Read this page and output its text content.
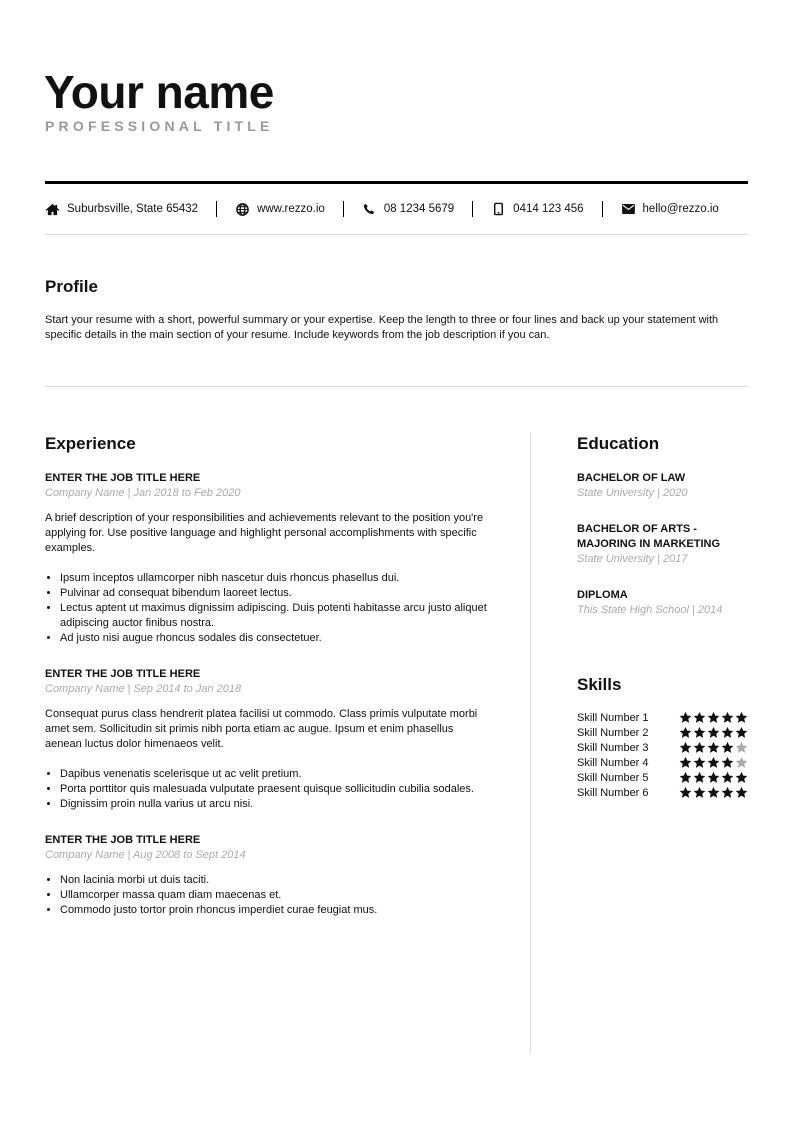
Your name
PROFESSIONAL TITLE
Suburbsville, State 65432	www.rezzo.io	08 1234 5679	0414 123 456	hello@rezzo.io
Profile
Start your resume with a short, powerful summary or your expertise. Keep the length to three or four lines and back up your statement with specific details in the main section of your resume. Include keywords from the job description if you can.
Experience
ENTER THE JOB TITLE HERE
Company Name | Jan 2018 to Feb 2020
A brief description of your responsibilities and achievements relevant to the position you're applying for. Use positive language and highlight personal accomplishments with specific examples.
• Ipsum inceptos ullamcorper nibh nascetur duis rhoncus phasellus dui.
• Pulvinar ad consequat bibendum laoreet lectus.
• Lectus aptent ut maximus dignissim adipiscing. Duis potenti habitasse arcu justo aliquet adipiscing auctor finibus nostra.
• Ad justo nisi augue rhoncus sodales dis consectetuer.
ENTER THE JOB TITLE HERE
Company Name | Sep 2014 to Jan 2018
Consequat purus class hendrerit platea facilisi ut commodo. Class primis vulputate morbi amet sem. Sollicitudin sit primis nibh porta etiam ac augue. Ipsum et enim phasellus aenean luctus dolor himenaeos velit.
• Dapibus venenatis scelerisque ut ac velit pretium.
• Porta porttitor quis malesuada vulputate praesent quisque sollicitudin cubilia sodales.
• Dignissim proin nulla varius ut arcu nisi.
ENTER THE JOB TITLE HERE
Company Name | Aug 2008 to Sept 2014
• Non lacinia morbi ut duis taciti.
• Ullamcorper massa quam diam maecenas et.
• Commodo justo tortor proin rhoncus imperdiet curae feugiat mus.
Education
BACHELOR OF LAW
State University | 2020
BACHELOR OF ARTS - MAJORING IN MARKETING
State University | 2017
DIPLOMA
This State High School | 2014
Skills
Skill Number 1
Skill Number 2
Skill Number 3
Skill Number 4
Skill Number 5
Skill Number 6
